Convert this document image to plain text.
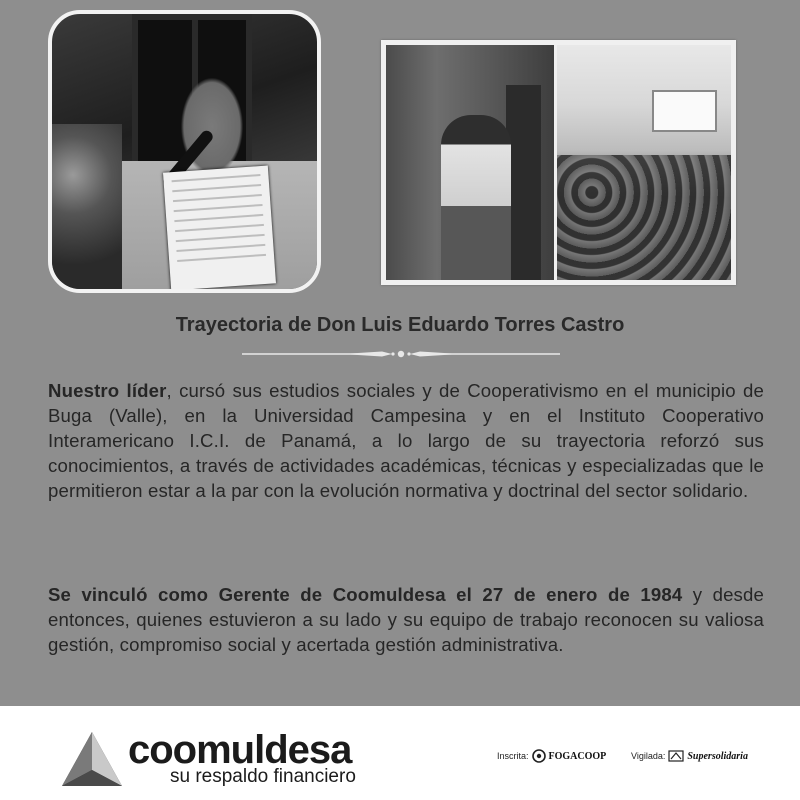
Trayectoria de Don Luis Eduardo Torres Castro

Nuestro líder, cursó sus estudios sociales y de Cooperativismo en el municipio de Buga (Valle), en la Universidad Campesina y en el Instituto Cooperativo Interamericano I.C.I. de Panamá, a lo largo de su trayectoria reforzó sus conocimientos, a través de actividades académicas, técnicas y especializadas que le permitieron estar a la par con la evolución normativa y doctrinal del sector solidario.

Se vinculó como Gerente de Coomuldesa el 27 de enero de 1984 y desde entonces, quienes estuvieron a su lado y su equipo de trabajo reconocen su valiosa gestión, compromiso social y acertada gestión administrativa.

coomuldesa
su respaldo financiero
Inscrita: FOGACOOP	Vigilada: Supersolidaria
